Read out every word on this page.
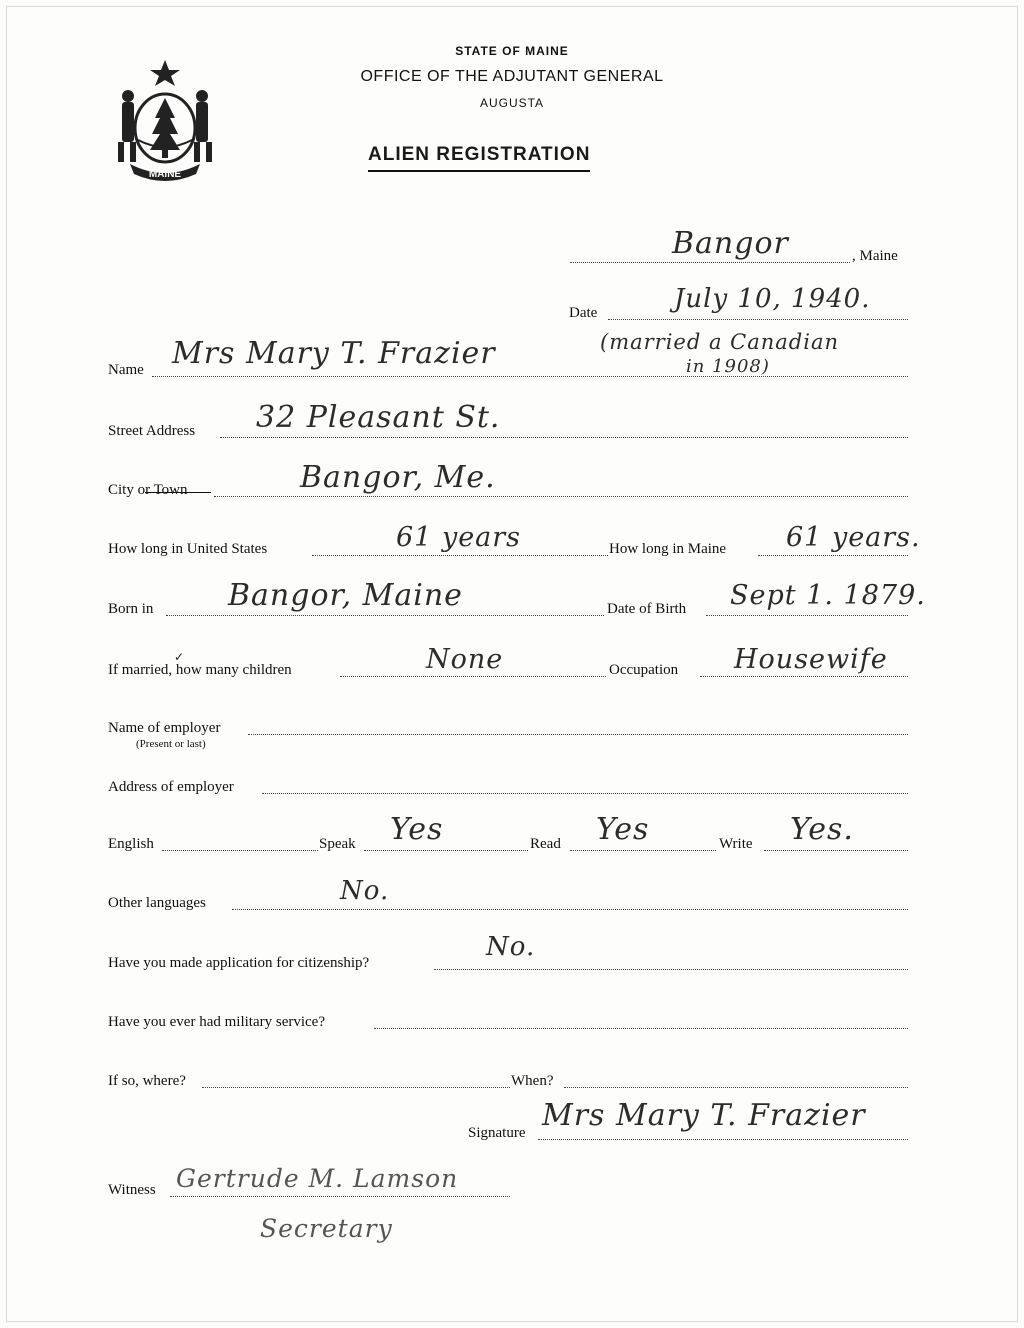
MAINE
STATE OF MAINE
OFFICE OF THE ADJUTANT GENERAL
AUGUSTA
ALIEN REGISTRATION
Bangor	, Maine
Date	July 10, 1940.
Name Mrs Mary T. Frazier	(married a Canadian
in 1908)
Street Address 32 Pleasant St.
City or Town	Bangor, Me.
How long in United States	61 years	How long in Maine 61 years.
Born in Bangor, Maine	Date of Birth Sept 1. 1879.
✓
If married, how many children	None	Occupation Housewife
Name of employer
(Present or last)
Address of employer
English	Speak Yes	Read Yes	Write Yes.
Other languages	No.
Have you made application for citizenship?
No.
Have you ever had military service?
If so, where?	When?
Signature Mrs Mary T. Frazier
Witness Gertrude M. Lamson
Secretary
